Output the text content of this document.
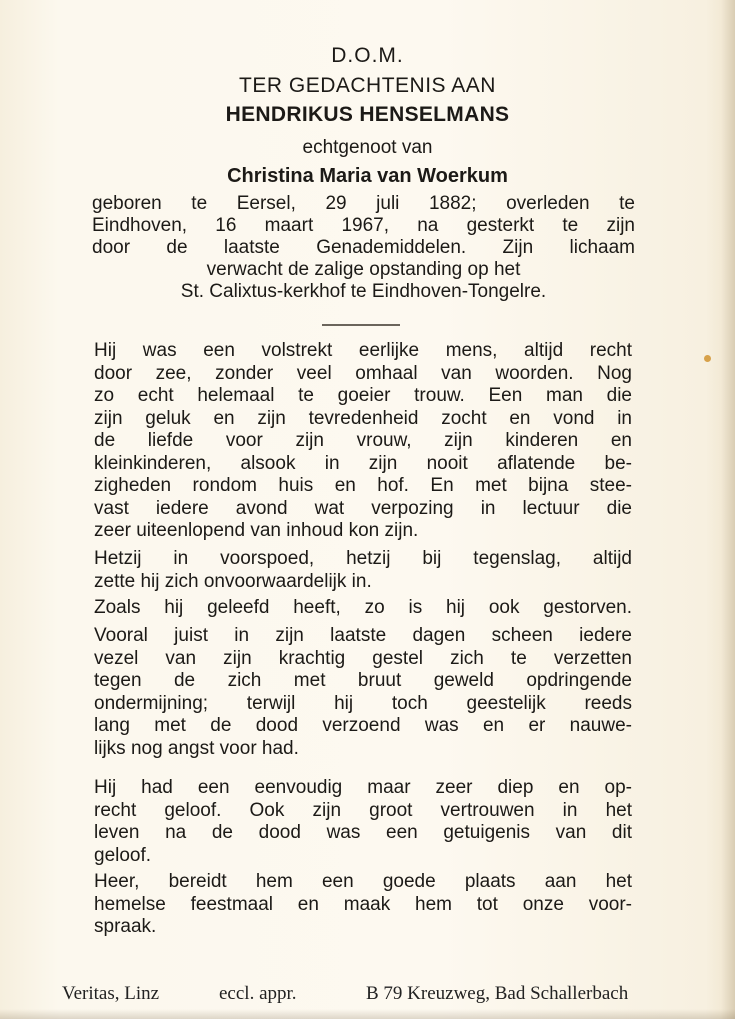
D.O.M.
TER GEDACHTENIS AAN
HENDRIKUS HENSELMANS
echtgenoot van
Christina Maria van Woerkum
geboren te Eersel, 29 juli 1882; overleden te
Eindhoven, 16 maart 1967, na gesterkt te zijn
door de laatste Genademiddelen. Zijn lichaam
verwacht de zalige opstanding op het
St. Calixtus-kerkhof te Eindhoven-Tongelre.
Hij was een volstrekt eerlijke mens, altijd recht
door zee, zonder veel omhaal van woorden. Nog
zo echt helemaal te goeier trouw. Een man die
zijn geluk en zijn tevredenheid zocht en vond in
de liefde voor zijn vrouw, zijn kinderen en
kleinkinderen, alsook in zijn nooit aflatende be-
zigheden rondom huis en hof. En met bijna stee-
vast iedere avond wat verpozing in lectuur die
zeer uiteenlopend van inhoud kon zijn.
Hetzij in voorspoed, hetzij bij tegenslag, altijd
zette hij zich onvoorwaardelijk in.
Zoals hij geleefd heeft, zo is hij ook gestorven.
Vooral juist in zijn laatste dagen scheen iedere
vezel van zijn krachtig gestel zich te verzetten
tegen de zich met bruut geweld opdringende
ondermijning; terwijl hij toch geestelijk reeds
lang met de dood verzoend was en er nauwe-
lijks nog angst voor had.
Hij had een eenvoudig maar zeer diep en op-
recht geloof. Ook zijn groot vertrouwen in het
leven na de dood was een getuigenis van dit
geloof.
Heer, bereidt hem een goede plaats aan het
hemelse feestmaal en maak hem tot onze voor-
spraak.
Veritas, Linz	eccl. appr.	B 79 Kreuzweg, Bad Schallerbach
